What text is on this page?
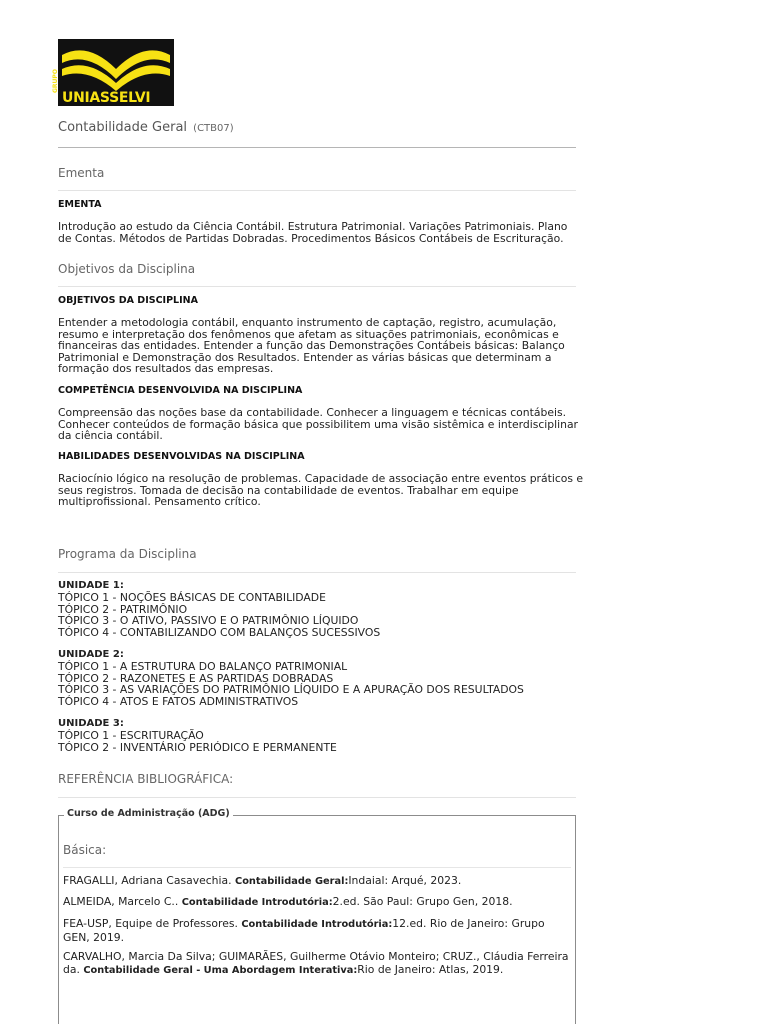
GRUPO
UNIASSELVI
Contabilidade Geral (CTB07)
Ementa
EMENTA
Introdução ao estudo da Ciência Contábil. Estrutura Patrimonial. Variações Patrimoniais. Plano
de Contas. Métodos de Partidas Dobradas. Procedimentos Básicos Contábeis de Escrituração.
Objetivos da Disciplina
OBJETIVOS DA DISCIPLINA
Entender a metodologia contábil, enquanto instrumento de captação, registro, acumulação,
resumo e interpretação dos fenômenos que afetam as situações patrimoniais, econômicas e
financeiras das entidades. Entender a função das Demonstrações Contábeis básicas: Balanço
Patrimonial e Demonstração dos Resultados. Entender as várias básicas que determinam a
formação dos resultados das empresas.
COMPETÊNCIA DESENVOLVIDA NA DISCIPLINA
Compreensão das noções base da contabilidade. Conhecer a linguagem e técnicas contábeis.
Conhecer conteúdos de formação básica que possibilitem uma visão sistêmica e interdisciplinar
da ciência contábil.
HABILIDADES DESENVOLVIDAS NA DISCIPLINA
Raciocínio lógico na resolução de problemas. Capacidade de associação entre eventos práticos e
seus registros. Tomada de decisão na contabilidade de eventos. Trabalhar em equipe
multiprofissional. Pensamento crítico.
Programa da Disciplina
UNIDADE 1:
TÓPICO 1 - NOÇÕES BÁSICAS DE CONTABILIDADE
TÓPICO 2 - PATRIMÔNIO
TÓPICO 3 - O ATIVO, PASSIVO E O PATRIMÔNIO LÍQUIDO
TÓPICO 4 - CONTABILIZANDO COM BALANÇOS SUCESSIVOS
UNIDADE 2:
TÓPICO 1 - A ESTRUTURA DO BALANÇO PATRIMONIAL
TÓPICO 2 - RAZONETES E AS PARTIDAS DOBRADAS
TÓPICO 3 - AS VARIAÇÕES DO PATRIMÔNIO LÍQUIDO E A APURAÇÃO DOS RESULTADOS
TÓPICO 4 - ATOS E FATOS ADMINISTRATIVOS
UNIDADE 3:
TÓPICO 1 - ESCRITURAÇÃO
TÓPICO 2 - INVENTÁRIO PERIÓDICO E PERMANENTE
REFERÊNCIA BIBLIOGRÁFICA:
Curso de Administração (ADG)
Básica:
FRAGALLI, Adriana Casavechia. Contabilidade Geral:Indaial: Arqué, 2023.
ALMEIDA, Marcelo C.. Contabilidade Introdutória:2.ed. São Paul: Grupo Gen, 2018.
FEA-USP, Equipe de Professores. Contabilidade Introdutória:12.ed. Rio de Janeiro: Grupo
GEN, 2019.
CARVALHO, Marcia Da Silva; GUIMARÃES, Guilherme Otávio Monteiro; CRUZ., Cláudia Ferreira
da. Contabilidade Geral - Uma Abordagem Interativa:Rio de Janeiro: Atlas, 2019.
